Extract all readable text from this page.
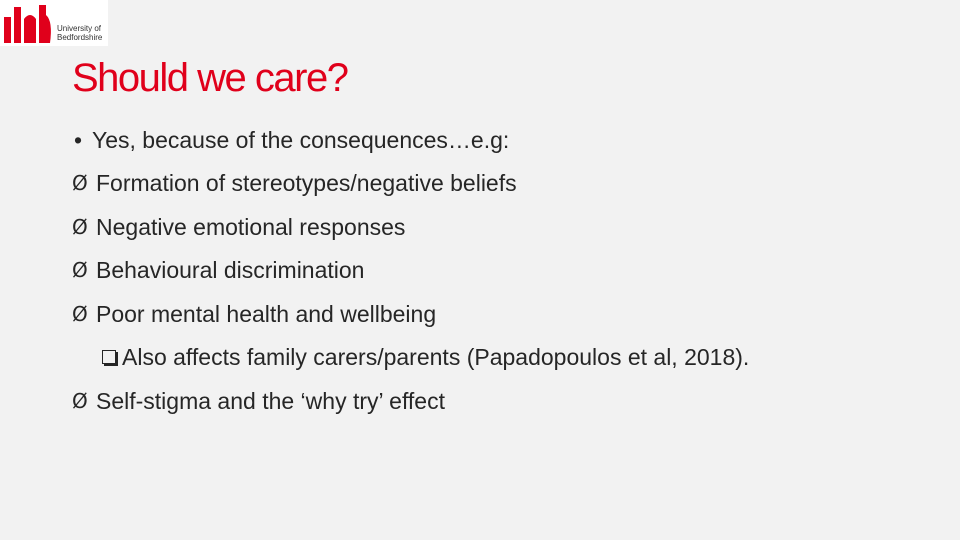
University of
Bedfordshire
Should we care?
• Yes, because of the consequences…e.g:
Ø Formation of stereotypes/negative beliefs
Ø Negative emotional responses
Ø Behavioural discrimination
Ø Poor mental health and wellbeing
Also affects family carers/parents (Papadopoulos et al, 2018).
Ø Self-stigma and the ‘why try’ effect
